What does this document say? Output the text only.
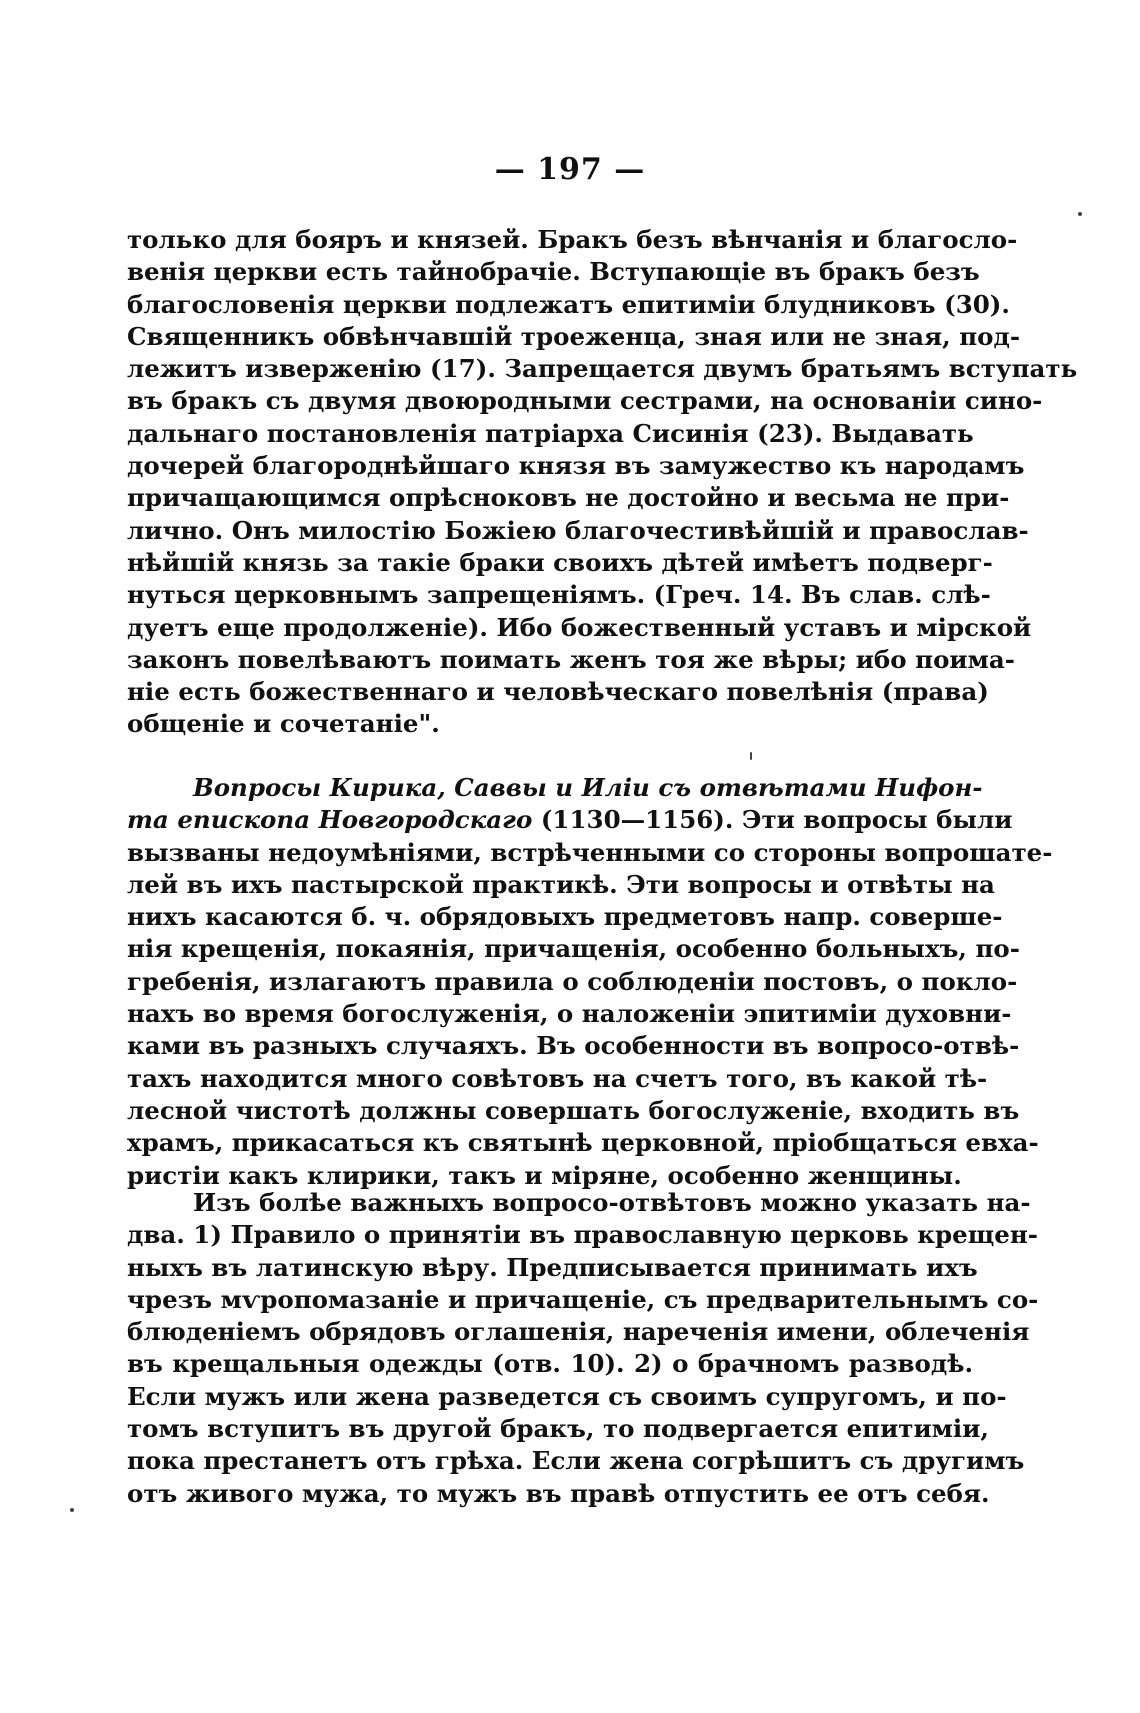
— 197 —
только для бояръ и князей. Бракъ безъ вѣнчанія и благосло-
венія церкви есть тайнобрачіе. Вступающіе въ бракъ безъ
благословенія церкви подлежатъ епитиміи блудниковъ (30).
Священникъ обвѣнчавшій троеженца, зная или не зная, под-
лежитъ изверженію (17). Запрещается двумъ братьямъ вступать
въ бракъ съ двумя двоюродными сестрами, на основаніи сино-
дальнаго постановленія патріарха Сисинія (23). Выдавать
дочерей благороднѣйшаго князя въ замужество къ народамъ
причащающимся опрѣсноковъ не достойно и весьма не при-
лично. Онъ милостію Божіею благочестивѣйшій и православ-
нѣйшій князь за такіе браки своихъ дѣтей имѣетъ подверг-
нуться церковнымъ запрещеніямъ. (Греч. 14. Въ слав. слѣ-
дуетъ еще продолженіе). Ибо божественный уставъ и мірской
законъ повелѣваютъ поимать женъ тоя же вѣры; ибо поима-
ніе есть божественнаго и человѣческаго повелѣнія (права)
общеніе и сочетаніе".
Вопросы Кирика, Саввы и Иліи съ отвѣтами Нифон-
та епископа Новгородскаго (1130—1156). Эти вопросы были
вызваны недоумѣніями, встрѣченными со стороны вопрошате-
лей въ ихъ пастырской практикѣ. Эти вопросы и отвѣты на
нихъ касаются б. ч. обрядовыхъ предметовъ напр. соверше-
нія крещенія, покаянія, причащенія, особенно больныхъ, по-
гребенія, излагаютъ правила о соблюденіи постовъ, о покло-
нахъ во время богослуженія, о наложеніи эпитиміи духовни-
ками въ разныхъ случаяхъ. Въ особенности въ вопросо-отвѣ-
тахъ находится много совѣтовъ на счетъ того, въ какой тѣ-
лесной чистотѣ должны совершать богослуженіе, входить въ
храмъ, прикасаться къ святынѣ церковной, пріобщаться евха-
ристіи какъ клирики, такъ и міряне, особенно женщины.
Изъ болѣе важныхъ вопросо-отвѣтовъ можно указать на-
два. 1) Правило о принятіи въ православную церковь крещен-
ныхъ въ латинскую вѣру. Предписывается принимать ихъ
чрезъ мѵропомазаніе и причащеніе, съ предварительнымъ со-
блюденіемъ обрядовъ оглашенія, нареченія имени, облеченія
въ крещальныя одежды (отв. 10). 2) о брачномъ разводѣ.
Если мужъ или жена разведется съ своимъ супругомъ, и по-
томъ вступитъ въ другой бракъ, то подвергается епитиміи,
пока престанетъ отъ грѣха. Если жена согрѣшитъ съ другимъ
отъ живого мужа, то мужъ въ правѣ отпустить ее отъ себя.
